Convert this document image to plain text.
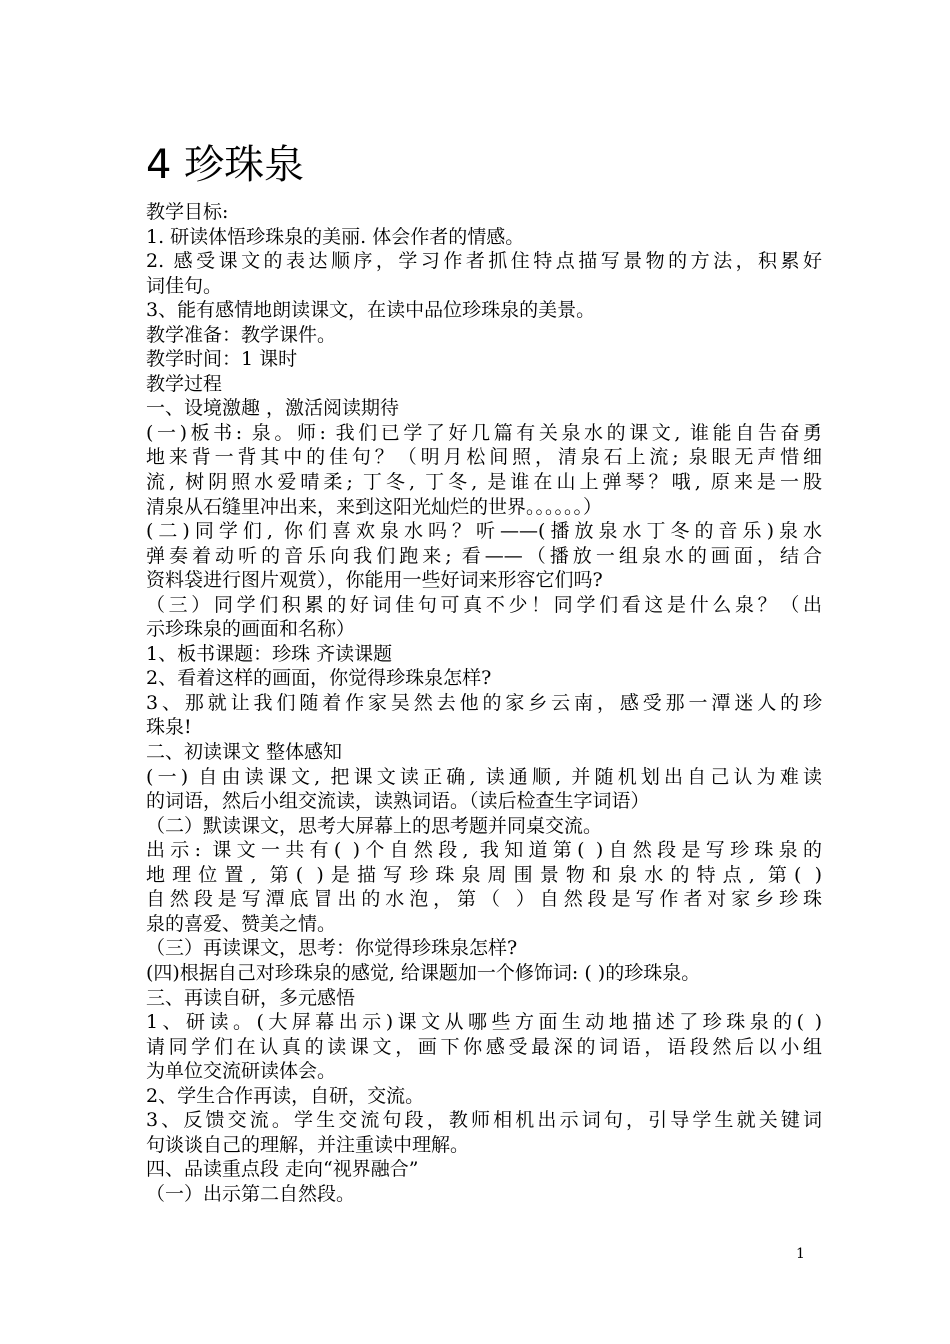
4 珍珠泉
教学目标:
1. 研读体悟珍珠泉的美丽. 体会作者的情感。
2. 感受课文的表达顺序，学习作者抓住特点描写景物的方法，积累好
词佳句。
3、能有感情地朗读课文，在读中品位珍珠泉的美景。
教学准备：教学课件。
教学时间：1 课时
教学过程
一、设境激趣 ，激活阅读期待
(一)板书: 泉。师: 我们已学了好几篇有关泉水的课文, 谁能自告奋勇
地来背一背其中的佳句？（明月松间照，清泉石上流; 泉眼无声惜细
流, 树阴照水爱晴柔; 丁冬, 丁冬, 是谁在山上弹琴？哦, 原来是一股
清泉从石缝里冲出来，来到这阳光灿烂的世界。。。。。。）
(二)同学们, 你们喜欢泉水吗？听——(播放泉水丁冬的音乐)泉水
弹奏着动听的音乐向我们跑来; 看——（播放一组泉水的画面，结合
资料袋进行图片观赏），你能用一些好词来形容它们吗?
（三）同学们积累的好词佳句可真不少！同学们看这是什么泉？（出
示珍珠泉的画面和名称）
1、板书课题：珍珠 齐读课题
2、看着这样的画面，你觉得珍珠泉怎样?
3、那就让我们随着作家吴然去他的家乡云南，感受那一潭迷人的珍
珠泉!
二、初读课文 整体感知
(一) 自由读课文, 把课文读正确, 读通顺, 并随机划出自己认为难读
的词语，然后小组交流读，读熟词语。（读后检查生字词语）
（二）默读课文，思考大屏幕上的思考题并同桌交流。
出示: 课文一共有( )个自然段, 我知道第( )自然段是写珍珠泉的
地理位置, 第( )是描写珍珠泉周围景物和泉水的特点, 第( )
自然段是写潭底冒出的水泡，第（ ）自然段是写作者对家乡珍珠
泉的喜爱、赞美之情。
（三）再读课文，思考：你觉得珍珠泉怎样?
(四)根据自己对珍珠泉的感觉, 给课题加一个修饰词: ( )的珍珠泉。
三、再读自研，多元感悟
1、研读。(大屏幕出示)课文从哪些方面生动地描述了珍珠泉的( )
请同学们在认真的读课文，画下你感受最深的词语，语段然后以小组
为单位交流研读体会。
2、学生合作再读，自研，交流。
3、反馈交流。学生交流句段，教师相机出示词句，引导学生就关键词
句谈谈自己的理解，并注重读中理解。
四、品读重点段 走向“视界融合”
（一）出示第二自然段。
1
